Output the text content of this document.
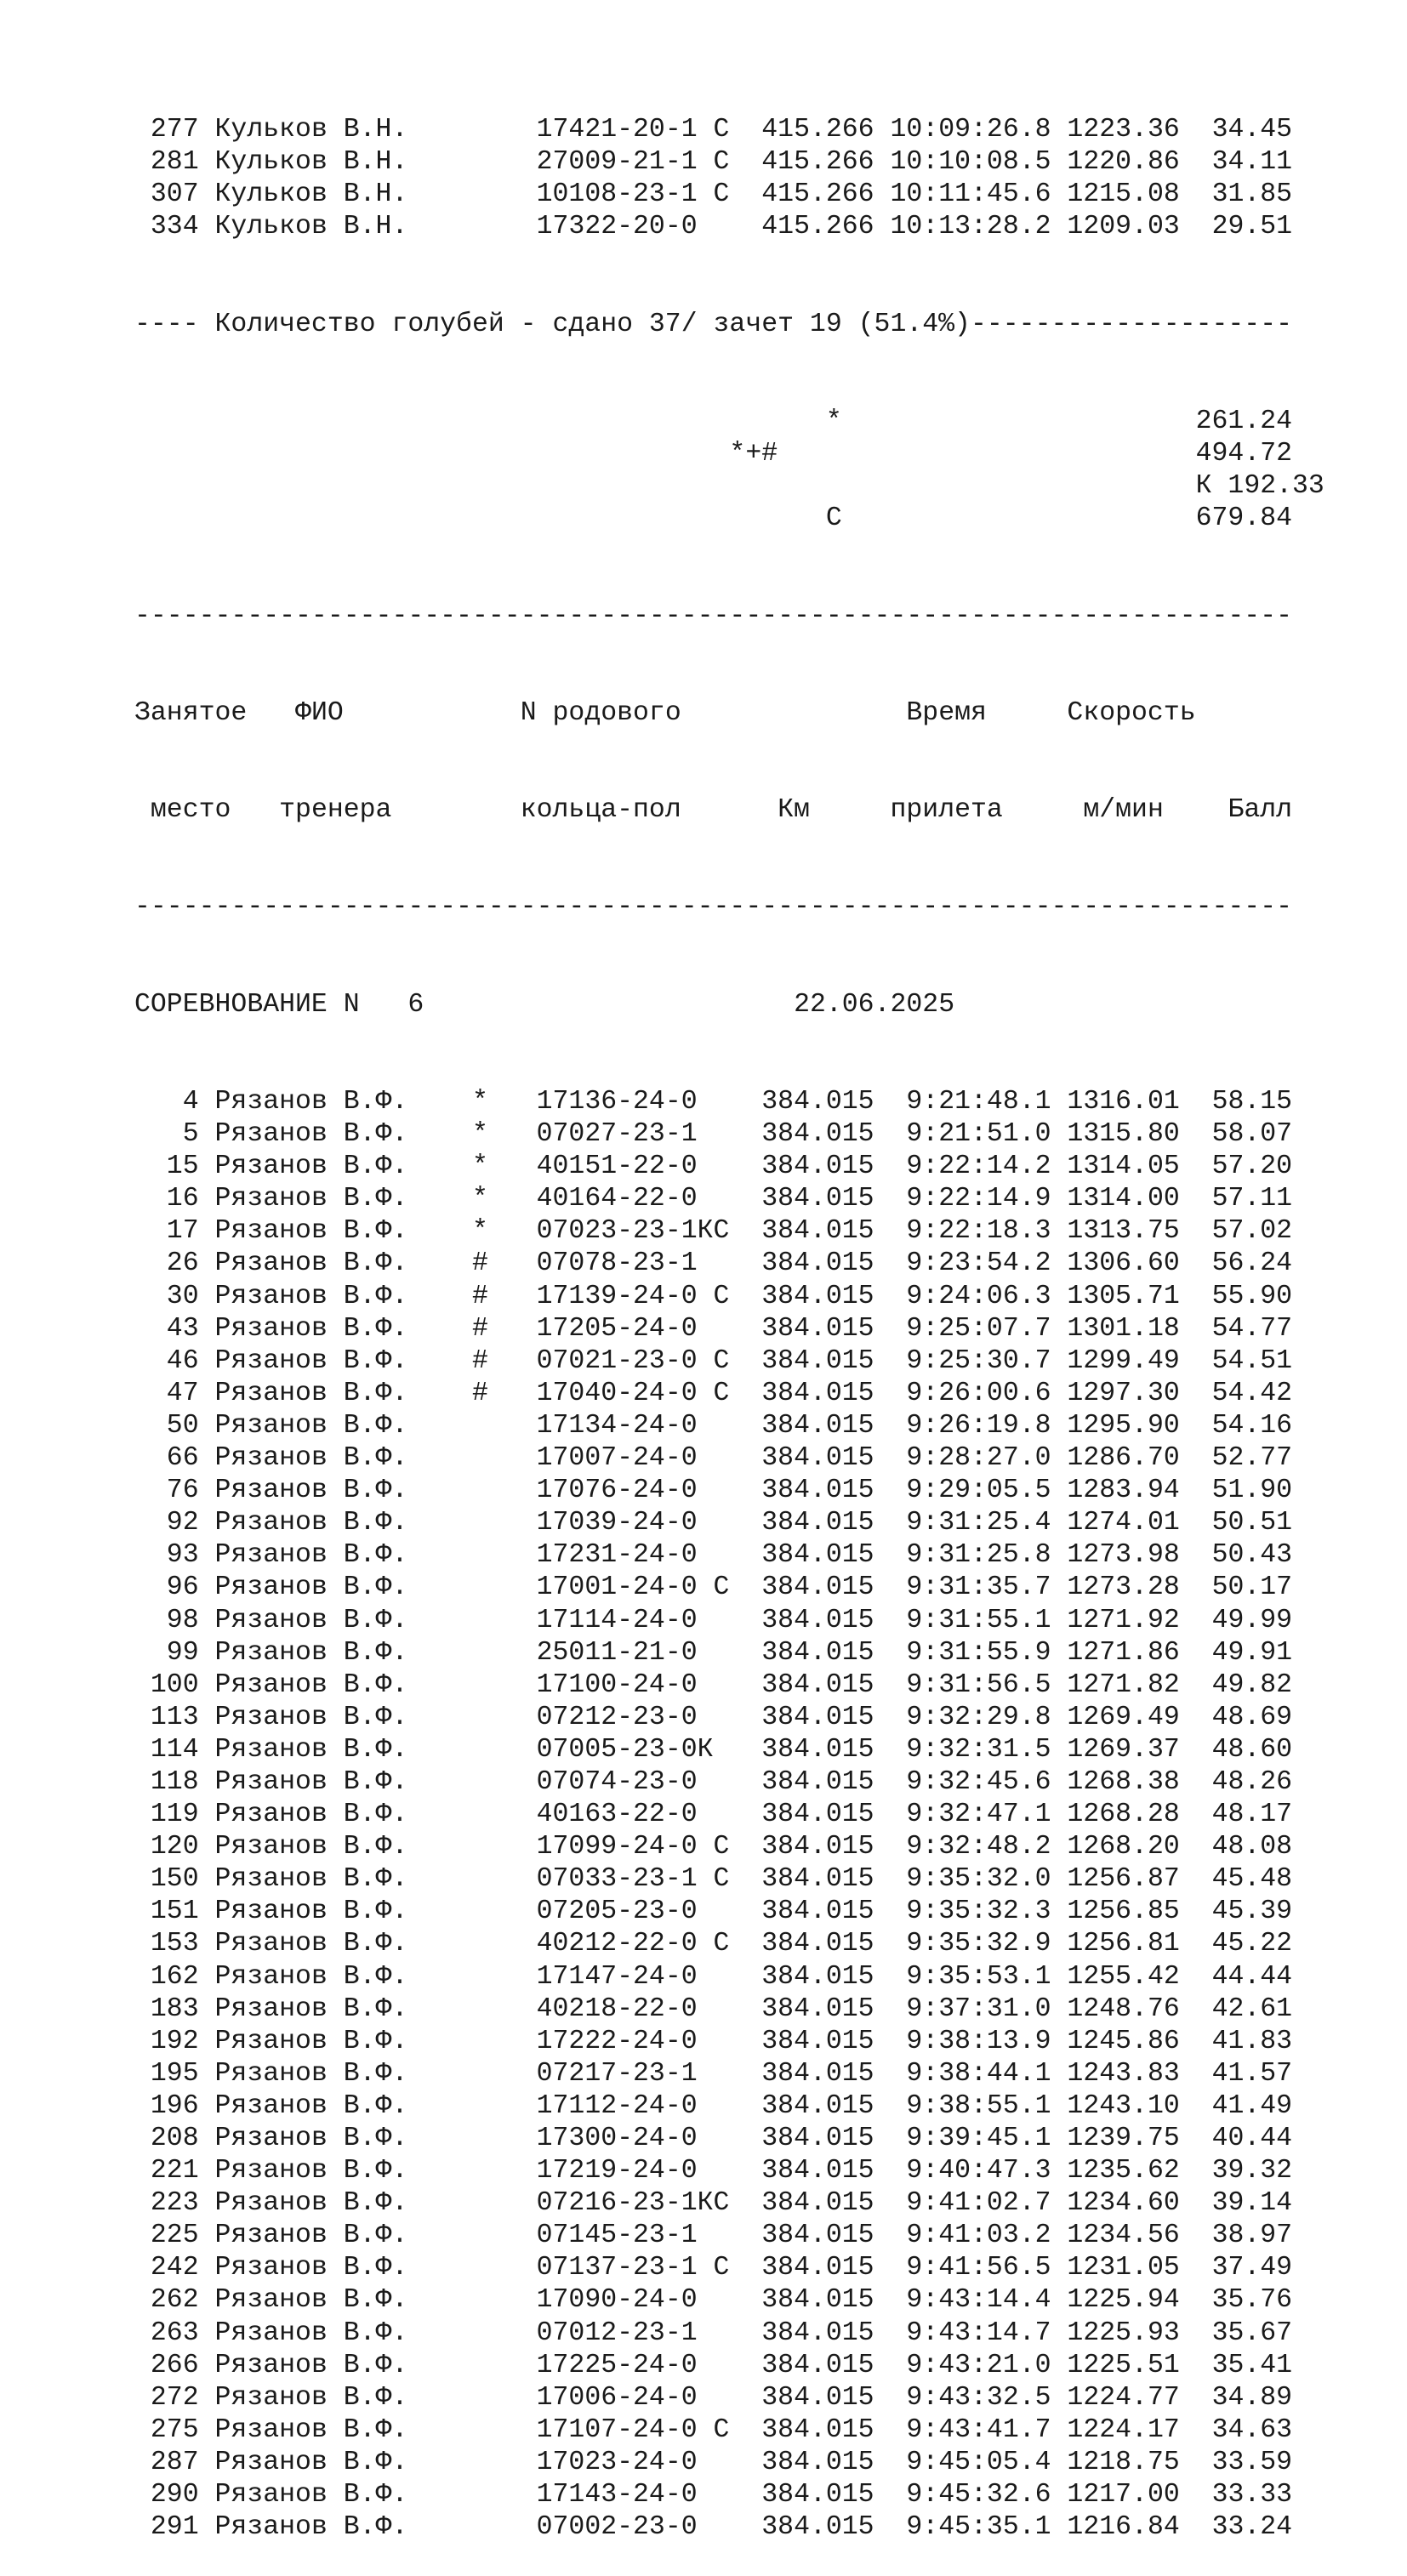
277 Кульков В.Н.        17421-20-1 С  415.266 10:09:26.8 1223.36  34.45
281 Кульков В.Н.        27009-21-1 С  415.266 10:10:08.5 1220.86  34.11
307 Кульков В.Н.        10108-23-1 С  415.266 10:11:45.6 1215.08  31.85
334 Кульков В.Н.        17322-20-0    415.266 10:13:28.2 1209.03  29.51

---- Количество голубей - сдано 37/ зачет 19 (51.4%)--------------------

*	261.24
*+#	494.72
К 192.33
С	679.84

------------------------------------------------------------------------

Занятое ФИО	N родового	Время	Скорость

место тренера	кольца-пол	Км	прилета	м/мин Балл

------------------------------------------------------------------------

СОРЕВНОВАНИЕ N 6	22.06.2025

4 Рязанов В.Ф.    *   17136-24-0    384.015  9:21:48.1 1316.01  58.15
5 Рязанов В.Ф.    *   07027-23-1    384.015  9:21:51.0 1315.80  58.07
15 Рязанов В.Ф.    *   40151-22-0    384.015  9:22:14.2 1314.05  57.20
16 Рязанов В.Ф.    *   40164-22-0    384.015  9:22:14.9 1314.00  57.11
17 Рязанов В.Ф.    *   07023-23-1КС  384.015  9:22:18.3 1313.75  57.02
26 Рязанов В.Ф.    #   07078-23-1    384.015  9:23:54.2 1306.60  56.24
30 Рязанов В.Ф.    #   17139-24-0 С  384.015  9:24:06.3 1305.71  55.90
43 Рязанов В.Ф.    #   17205-24-0    384.015  9:25:07.7 1301.18  54.77
46 Рязанов В.Ф.    #   07021-23-0 С  384.015  9:25:30.7 1299.49  54.51
47 Рязанов В.Ф.    #   17040-24-0 С  384.015  9:26:00.6 1297.30  54.42
50 Рязанов В.Ф.        17134-24-0    384.015  9:26:19.8 1295.90  54.16
66 Рязанов В.Ф.        17007-24-0    384.015  9:28:27.0 1286.70  52.77
76 Рязанов В.Ф.        17076-24-0    384.015  9:29:05.5 1283.94  51.90
92 Рязанов В.Ф.        17039-24-0    384.015  9:31:25.4 1274.01  50.51
93 Рязанов В.Ф.        17231-24-0    384.015  9:31:25.8 1273.98  50.43
96 Рязанов В.Ф.        17001-24-0 С  384.015  9:31:35.7 1273.28  50.17
98 Рязанов В.Ф.        17114-24-0    384.015  9:31:55.1 1271.92  49.99
99 Рязанов В.Ф.        25011-21-0    384.015  9:31:55.9 1271.86  49.91
100 Рязанов В.Ф.        17100-24-0    384.015  9:31:56.5 1271.82  49.82
113 Рязанов В.Ф.        07212-23-0    384.015  9:32:29.8 1269.49  48.69
114 Рязанов В.Ф.        07005-23-0К   384.015  9:32:31.5 1269.37  48.60
118 Рязанов В.Ф.        07074-23-0    384.015  9:32:45.6 1268.38  48.26
119 Рязанов В.Ф.        40163-22-0    384.015  9:32:47.1 1268.28  48.17
120 Рязанов В.Ф.        17099-24-0 С  384.015  9:32:48.2 1268.20  48.08
150 Рязанов В.Ф.        07033-23-1 С  384.015  9:35:32.0 1256.87  45.48
151 Рязанов В.Ф.        07205-23-0    384.015  9:35:32.3 1256.85  45.39
153 Рязанов В.Ф.        40212-22-0 С  384.015  9:35:32.9 1256.81  45.22
162 Рязанов В.Ф.        17147-24-0    384.015  9:35:53.1 1255.42  44.44
183 Рязанов В.Ф.        40218-22-0    384.015  9:37:31.0 1248.76  42.61
192 Рязанов В.Ф.        17222-24-0    384.015  9:38:13.9 1245.86  41.83
195 Рязанов В.Ф.        07217-23-1    384.015  9:38:44.1 1243.83  41.57
196 Рязанов В.Ф.        17112-24-0    384.015  9:38:55.1 1243.10  41.49
208 Рязанов В.Ф.        17300-24-0    384.015  9:39:45.1 1239.75  40.44
221 Рязанов В.Ф.        17219-24-0    384.015  9:40:47.3 1235.62  39.32
223 Рязанов В.Ф.        07216-23-1КС  384.015  9:41:02.7 1234.60  39.14
225 Рязанов В.Ф.        07145-23-1    384.015  9:41:03.2 1234.56  38.97
242 Рязанов В.Ф.        07137-23-1 С  384.015  9:41:56.5 1231.05  37.49
262 Рязанов В.Ф.        17090-24-0    384.015  9:43:14.4 1225.94  35.76
263 Рязанов В.Ф.        07012-23-1    384.015  9:43:14.7 1225.93  35.67
266 Рязанов В.Ф.        17225-24-0    384.015  9:43:21.0 1225.51  35.41
272 Рязанов В.Ф.        17006-24-0    384.015  9:43:32.5 1224.77  34.89
275 Рязанов В.Ф.        17107-24-0 С  384.015  9:43:41.7 1224.17  34.63
287 Рязанов В.Ф.        17023-24-0    384.015  9:45:05.4 1218.75  33.59
290 Рязанов В.Ф.        17143-24-0    384.015  9:45:32.6 1217.00  33.33
291 Рязанов В.Ф.        07002-23-0    384.015  9:45:35.1 1216.84  33.24
